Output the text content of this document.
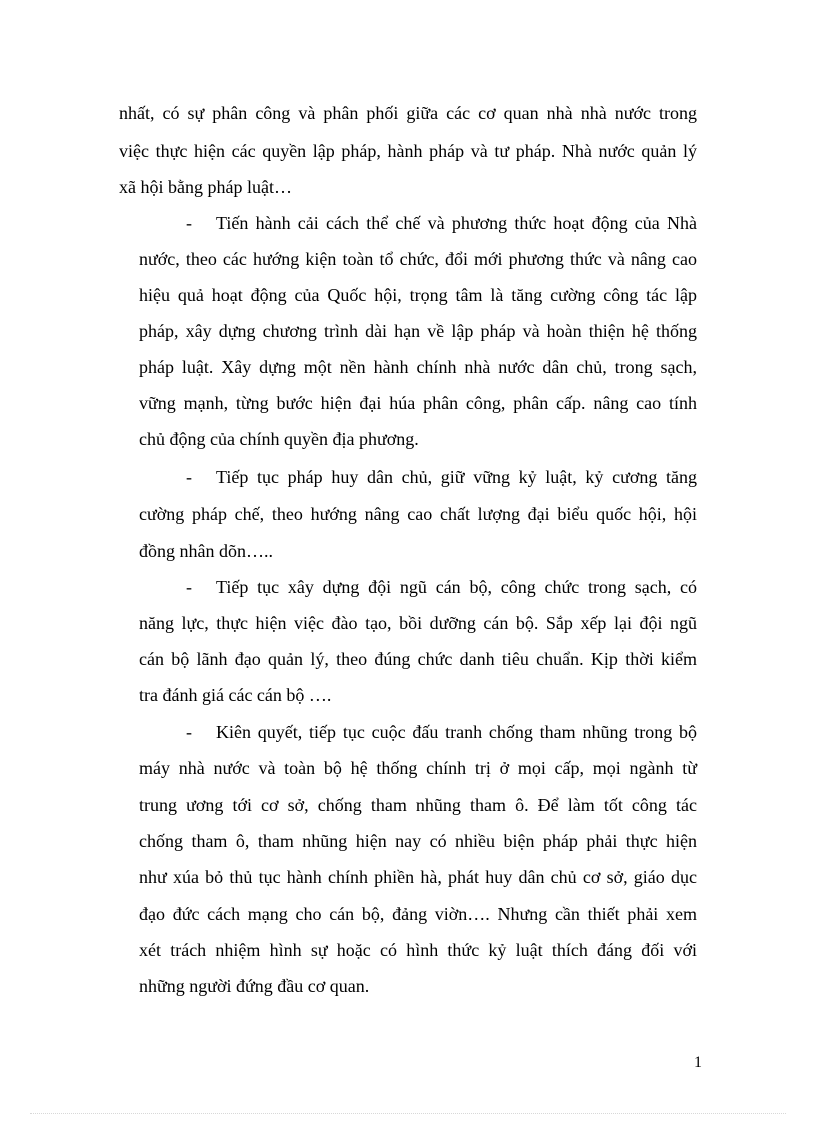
nhất, có sự phân công và phân phối giữa các cơ quan nhà nhà nước trong

việc thực hiện các quyền lập pháp, hành pháp và tư pháp. Nhà nước quản lý

xã hội bằng pháp luật…

- Tiến hành cải cách thể chế và phương thức hoạt động của Nhà

nước, theo các hướng kiện toàn tổ chức, đổi mới phương thức và nâng cao

hiệu quả hoạt động của Quốc hội, trọng tâm là tăng cường công tác lập

pháp, xây dựng chương trình dài hạn về lập pháp và hoàn thiện hệ thống

pháp luật. Xây dựng một nền hành chính nhà nước dân chủ, trong sạch,

vững mạnh, từng bước hiện đại húa phân công, phân cấp. nâng cao tính

chủ động của chính quyền địa phương.

- Tiếp tục pháp huy dân chủ, giữ vững kỷ luật, kỷ cương tăng

cường pháp chế, theo hướng nâng cao chất lượng đại biểu quốc hội, hội

đồng nhân dõn…..

- Tiếp tục xây dựng đội ngũ cán bộ, công chức trong sạch, có

năng lực, thực hiện việc đào tạo, bồi dưỡng cán bộ. Sắp xếp lại đội ngũ

cán bộ lãnh đạo quản lý, theo đúng chức danh tiêu chuẩn. Kịp thời kiểm

tra đánh giá các cán bộ ….

- Kiên quyết, tiếp tục cuộc đấu tranh chống tham nhũng trong bộ

máy nhà nước và toàn bộ hệ thống chính trị ở mọi cấp, mọi ngành từ

trung ương tới cơ sở, chống tham nhũng tham ô. Để làm tốt công tác

chống tham ô, tham nhũng hiện nay có nhiều biện pháp phải thực hiện

như xúa bỏ thủ tục hành chính phiền hà, phát huy dân chủ cơ sở, giáo dục

đạo đức cách mạng cho cán bộ, đảng viờn…. Nhưng cần thiết phải xem

xét trách nhiệm hình sự hoặc có hình thức kỷ luật thích đáng đối với

những người đứng đầu cơ quan.

1
